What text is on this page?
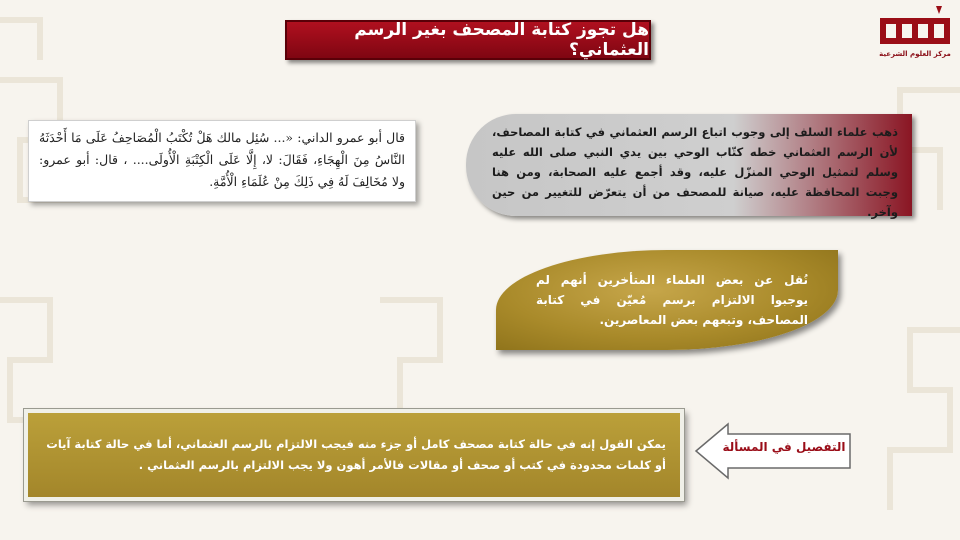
هل تجوز كتابة المصحف بغير الرسم العثماني؟	مركز العلوم الشرعية
قال أبو عمرو الداني: «... سُئِل مالك هَلْ تُكْتَبُ الْمُصَاحِفُ عَلَى مَا أَحْدَثَهُ النَّاسُ مِنَ الْهِجَاءِ، فَقَالَ: لا، إِلَّا عَلَى الْكِتْبَةِ الْأُولَى.... ، قال: أبو عمرو: ولا مُخَالِفَ لَهُ فِي ذَلِكَ مِنْ عُلَمَاءِ الْأُمَّةِ.
ذهب علماء السلف إلى وجوب اتباع الرسم العثماني في كتابة المصاحف، لأن الرسم العثماني خطه كتّاب الوحي بين يدي النبي صلى الله عليه وسلم لتمثيل الوحي المنزّل عليه، وقد أجمع عليه الصحابة، ومن هنا وجبت المحافظة عليه، صيانة للمصحف من أن يتعرّض للتغيير من حين وآخر.
نُقل عن بعض العلماء المتأخرين أنهم لم يوجبوا الالتزام برسم مُعيّن في كتابة المصاحف، وتبعهم بعض المعاصرين.
يمكن القول إنه في حالة كتابة مصحف كامل أو جزء منه فيجب الالتزام بالرسم العثماني، أما في حالة كتابة آيات أو كلمات محدودة في كتب أو صحف أو مقالات فالأمر أهون ولا يجب الالتزام بالرسم العثماني .
التفصيل في المسألة
